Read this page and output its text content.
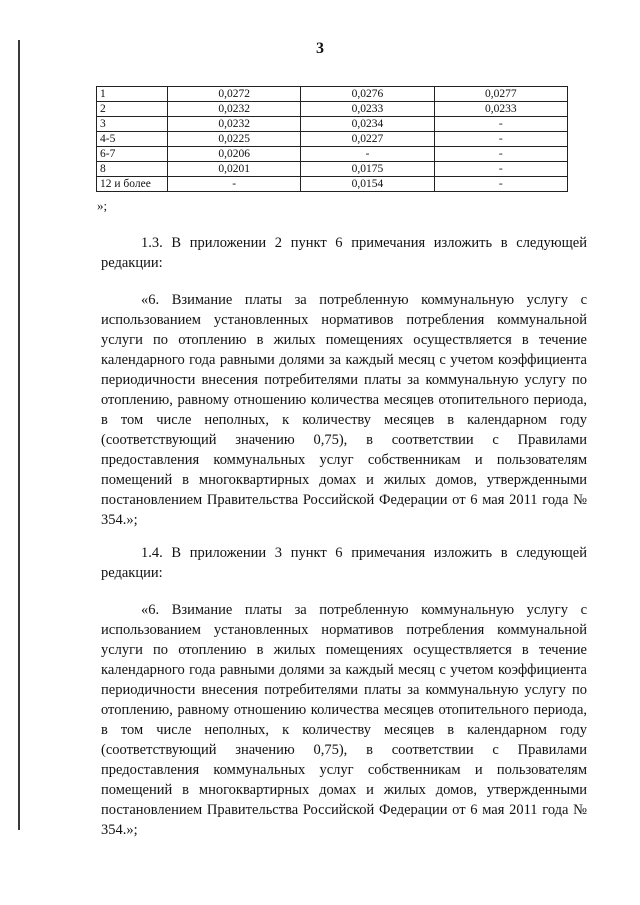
3
1	0,0272	0,0276	0,0277
2	0,0232	0,0233	0,0233
3	0,0232	0,0234	-
4-5	0,0225	0,0227	-
6-7	0,0206	-	-
8	0,0201	0,0175	-
12 и более	-	0,0154	-
»;

1.3. В приложении 2 пункт 6 примечания изложить в следующей редакции:

«6. Взимание платы за потребленную коммунальную услугу с использованием установленных нормативов потребления коммунальной услуги по отоплению в жилых помещениях осуществляется в течение календарного года равными долями за каждый месяц с учетом коэффициента периодичности внесения потребителями платы за коммунальную услугу по отоплению, равному отношению количества месяцев отопительного периода, в том числе неполных, к количеству месяцев в календарном году (соответствующий значению 0,75), в соответствии с Правилами предоставления коммунальных услуг собственникам и пользователям помещений в многоквартирных домах и жилых домов, утвержденными постановлением Правительства Российской Федерации от 6 мая 2011 года № 354.»;

1.4. В приложении 3 пункт 6 примечания изложить в следующей редакции:

«6. Взимание платы за потребленную коммунальную услугу с использованием установленных нормативов потребления коммунальной услуги по отоплению в жилых помещениях осуществляется в течение календарного года равными долями за каждый месяц с учетом коэффициента периодичности внесения потребителями платы за коммунальную услугу по отоплению, равному отношению количества месяцев отопительного периода, в том числе неполных, к количеству месяцев в календарном году (соответствующий значению 0,75), в соответствии с Правилами предоставления коммунальных услуг собственникам и пользователям помещений в многоквартирных домах и жилых домов, утвержденными постановлением Правительства Российской Федерации от 6 мая 2011 года № 354.»;
